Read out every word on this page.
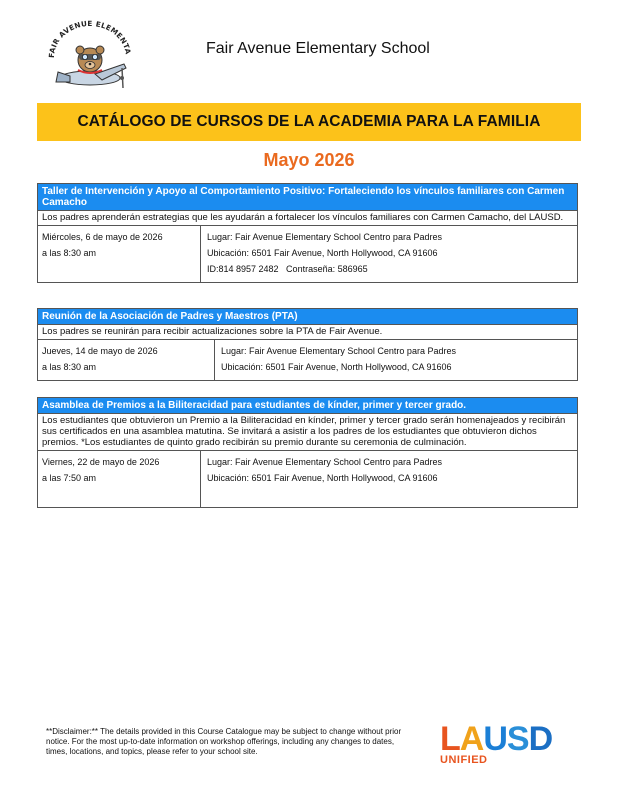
FAIR AVENUE ELEMENTA	Fair Avenue Elementary School
CATÁLOGO DE CURSOS DE LA ACADEMIA PARA LA FAMILIA
Mayo 2026
Taller de Intervención y Apoyo al Comportamiento Positivo: Fortaleciendo los vínculos familiares con Carmen Camacho
Los padres aprenderán estrategias que les ayudarán a fortalecer los vínculos familiares con Carmen Camacho, del LAUSD.
Miércoles, 6 de mayo de 2026
a las 8:30 am
Lugar: Fair Avenue Elementary School Centro para Padres
Ubicación: 6501 Fair Avenue, North Hollywood, CA 91606
ID:814 8957 2482   Contraseña: 586965
Reunión de la Asociación de Padres y Maestros (PTA)
Los padres se reunirán para recibir actualizaciones sobre la PTA de Fair Avenue.
Jueves, 14 de mayo de 2026
a las 8:30 am
Lugar: Fair Avenue Elementary School Centro para Padres
Ubicación: 6501 Fair Avenue, North Hollywood, CA 91606
Asamblea de Premios a la Biliteracidad para estudiantes de kínder, primer y tercer grado.
Los estudiantes que obtuvieron un Premio a la Biliteracidad en kínder, primer y tercer grado serán homenajeados y recibirán sus certificados en una asamblea matutina. Se invitará a asistir a los padres de los estudiantes que obtuvieron dichos premios. *Los estudiantes de quinto grado recibirán su premio durante su ceremonia de culminación.
Viernes, 22 de mayo de 2026
a las 7:50 am
Lugar: Fair Avenue Elementary School Centro para Padres
Ubicación: 6501 Fair Avenue, North Hollywood, CA 91606
**Disclaimer:** The details provided in this Course Catalogue may be subject to change without prior notice. For the most up-to-date information on workshop offerings, including any changes to dates, times, locations, and topics, please refer to your school site.	LAUSD
UNIFIED
